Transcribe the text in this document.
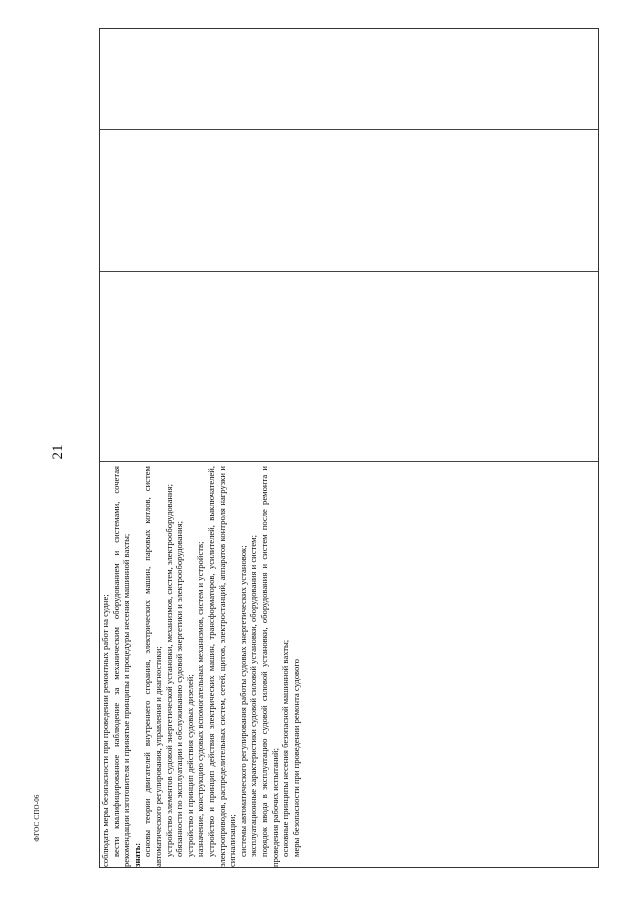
21
ФГОС СПО-06	соблюдать меры безопасности при проведении ремонтных работ на судне; вести квалифицированное наблюдение за механическим оборудованием и системами, сочетая рекомендации изготовителя и принятые принципы и процедуры несения машинной вахты; знать: основы теории двигателей внутреннего сгорания, электрических машин, паровых котлов, систем автоматического регулирования, управления и диагностики; устройство элементов судовой энергетической установки, механизмов, систем, электрооборудования; обязанности по эксплуатации и обслуживанию судовой энергетики и электрооборудования; устройство и принцип действия судовых дизелей; назначение, конструкцию судовых вспомогательных механизмов, систем и устройств; устройство и принцип действия электрических машин, трансформаторов, усилителей, выключателей, электроприводов, распределительных систем, сетей, щитов, электростанций, аппаратов контроля нагрузки и сигнализации; системы автоматического регулирования работы судовых энергетических установок; эксплуатационные характеристики судовой силовой установки, оборудования и систем; порядок ввода в эксплуатацию судовой силовой установки, оборудования и систем после ремонта и проведения рабочих испытаний; основные принципы несения безопасной машинной вахты; меры безопасности при проведении ремонта судового
